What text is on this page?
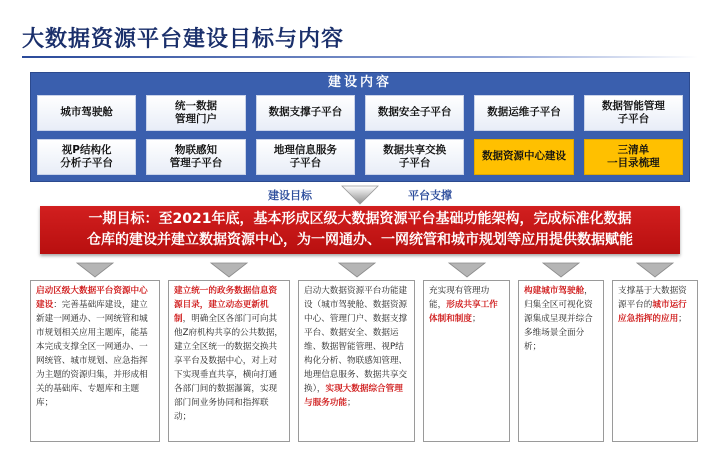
大数据资源平台建设目标与内容
建设内容
城市驾驶舱
统一数据
管理门户
数据支撑子平台	数据安全子平台	数据运维子平台
数据智能管理
子平台
视P结构化
分析子平台
物联感知
管理子平台
地理信息服务
子平台
数据共享交换
子平台
数据资源中心建设
三清单
一目录梳理
建设目标	平台支撑
一期目标：至2021年底，基本形成区级大数据资源平台基础功能架构，完成标准化数据
仓库的建设并建立数据资源中心，为一网通办、一网统管和城市规划等应用提供数据赋能
启动区级大数据平台资源中心建设：完善基础库建设，建立新建一网通办、一网统管和城市规划相关应用主题库，能基本完成支撑全区一网通办、一网统管、城市规划、应急指挥为主题的资源归集，并形成相关的基础库、专题库和主题库；
建立统一的政务数据信息资源目录，建立动态更新机制，明确全区各部门可向其他Z府机构共享的公共数据，建立全区统一的数据交换共享平台及数据中心，对上对下实现垂直共享，横向打通各部门间的数据瀑篱，实现部门间业务协同和指挥联动；
启动大数据资源平台功能建设（城市驾驶舱、数据资源中心、管理门户、数据支撑平台、数据安全、数据运维、数据智能管理、视P结构化分析、物联感知管理、地理信息服务、数据共享交换），实现大数据综合管理与服务功能；
充实现有管理功能，形成共享工作体制和制度；
构建城市驾驶舱，归集全区可视化资源集成呈现并综合多维场景全面分析；
支撑基于大数据资源平台的城市运行应急指挥的应用；
